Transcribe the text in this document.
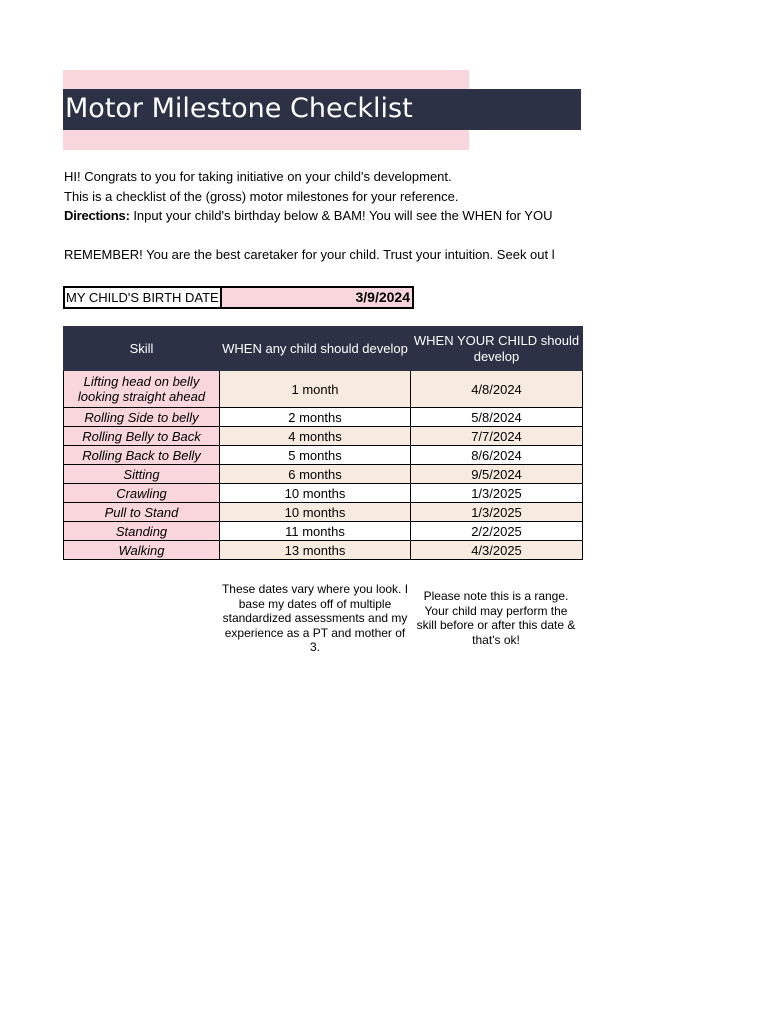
Motor Milestone Checklist
HI! Congrats to you for taking initiative on your child's development.
This is a checklist of the (gross) motor milestones for your reference.
Directions: Input your child's birthday below & BAM! You will see the WHEN for YOU
REMEMBER! You are the best caretaker for your child. Trust your intuition. Seek out l
MY CHILD'S BIRTH DATE:	3/9/2024
Skill	WHEN any child should develop	WHEN YOUR CHILD should develop
Lifting head on belly looking straight ahead	1 month	4/8/2024
Rolling Side to belly	2 months	5/8/2024
Rolling Belly to Back	4 months	7/7/2024
Rolling Back to Belly	5 months	8/6/2024
Sitting	6 months	9/5/2024
Crawling	10 months	1/3/2025
Pull to Stand	10 months	1/3/2025
Standing	11 months	2/2/2025
Walking	13 months	4/3/2025
These dates vary where you look. I base my dates off of multiple standardized assessments and my experience as a PT and mother of 3.
Please note this is a range. Your child may perform the skill before or after this date & that's ok!
